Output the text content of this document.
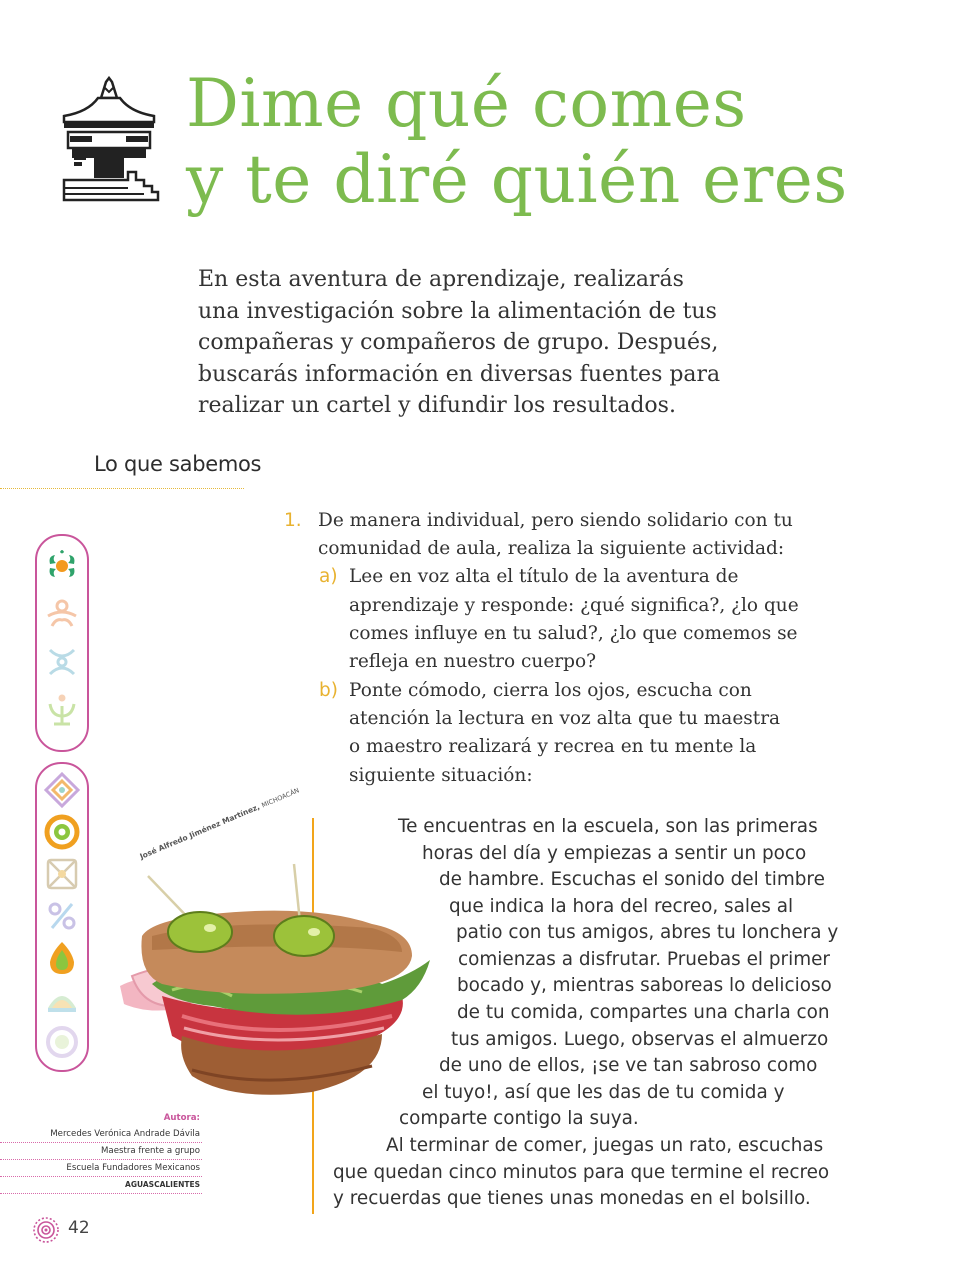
Dime qué comes
y te diré quién eres
En esta aventura de aprendizaje, realizarás
una investigación sobre la alimentación de tus
compañeras y compañeros de grupo. Después,
buscarás información en diversas fuentes para
realizar un cartel y difundir los resultados.
Lo que sabemos
1. De manera individual, pero siendo solidario con tu
comunidad de aula, realiza la siguiente actividad:
a) Lee en voz alta el título de la aventura de
aprendizaje y responde: ¿qué significa?, ¿lo que
comes influye en tu salud?, ¿lo que comemos se
refleja en nuestro cuerpo?
b) Ponte cómodo, cierra los ojos, escucha con
atención la lectura en voz alta que tu maestra
o maestro realizará y recrea en tu mente la
siguiente situación:
José Alfredo Jiménez Martínez, MICHOACÁN
Te encuentras en la escuela, son las primeras
horas del día y empiezas a sentir un poco
de hambre. Escuchas el sonido del timbre
que indica la hora del recreo, sales al
patio con tus amigos, abres tu lonchera y
comienzas a disfrutar. Pruebas el primer
bocado y, mientras saboreas lo delicioso
de tu comida, compartes una charla con
tus amigos. Luego, observas el almuerzo
de uno de ellos, ¡se ve tan sabroso como
el tuyo!, así que les das de tu comida y
comparte contigo la suya.
Al terminar de comer, juegas un rato, escuchas
que quedan cinco minutos para que termine el recreo
y recuerdas que tienes unas monedas en el bolsillo.
Autora:
Mercedes Verónica Andrade Dávila
Maestra frente a grupo
Escuela Fundadores Mexicanos
AGUASCALIENTES
42
